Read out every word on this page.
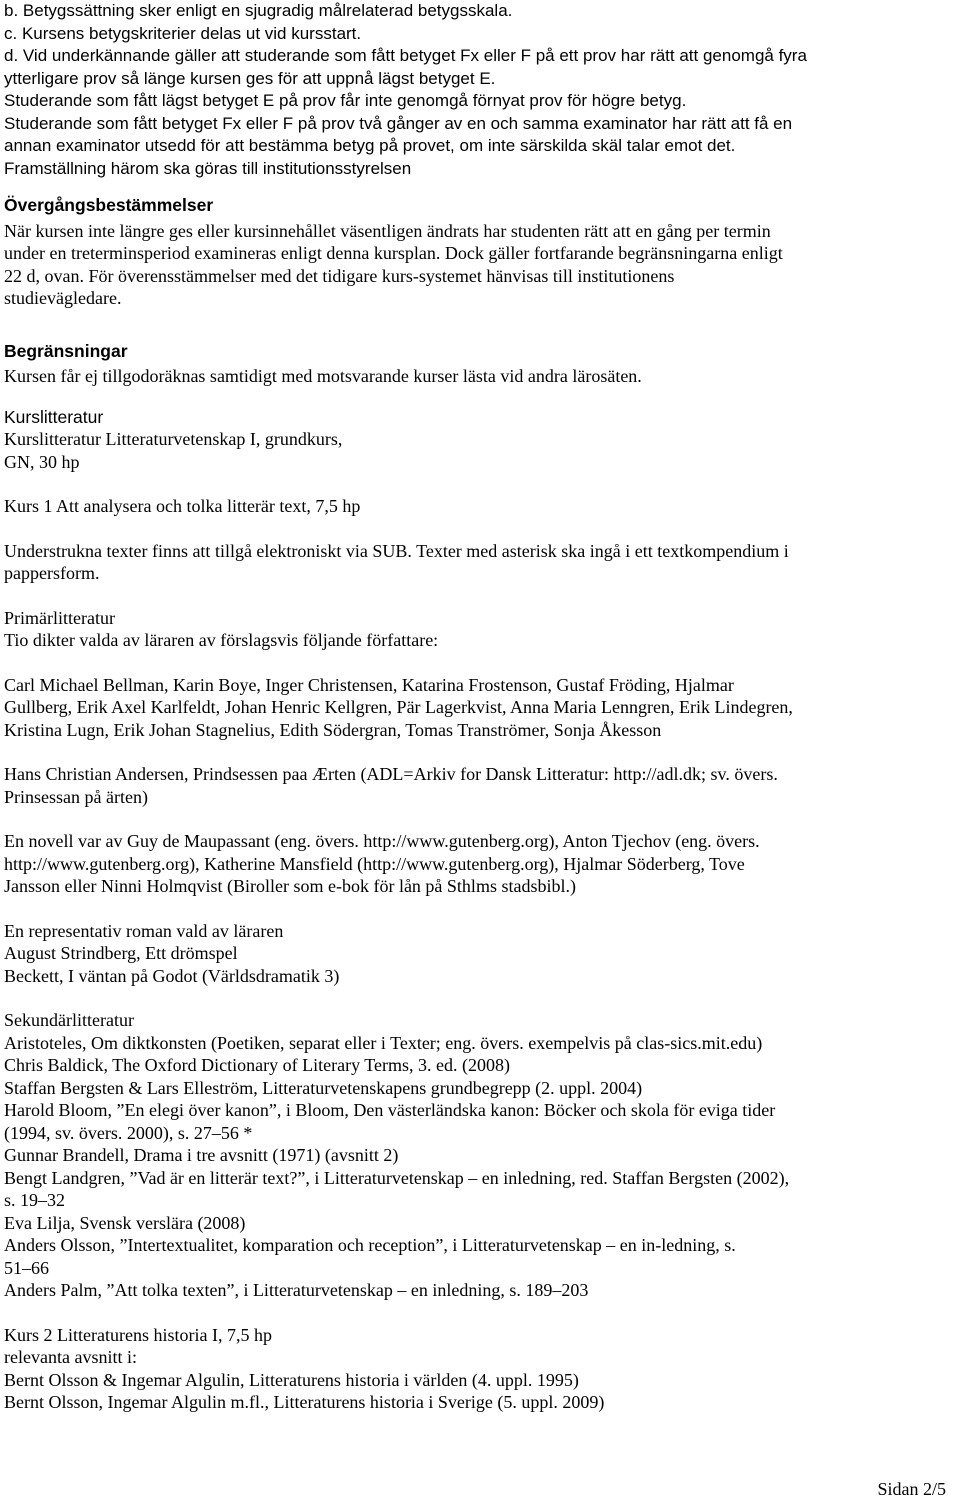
b. Betygssättning sker enligt en sjugradig målrelaterad betygsskala.
c. Kursens betygskriterier delas ut vid kursstart.
d. Vid underkännande gäller att studerande som fått betyget Fx eller F på ett prov har rätt att genomgå fyra
ytterligare prov så länge kursen ges för att uppnå lägst betyget E.
Studerande som fått lägst betyget E på prov får inte genomgå förnyat prov för högre betyg.
Studerande som fått betyget Fx eller F på prov två gånger av en och samma examinator har rätt att få en
annan examinator utsedd för att bestämma betyg på provet, om inte särskilda skäl talar emot det.
Framställning härom ska göras till institutionsstyrelsen
Övergångsbestämmelser
När kursen inte längre ges eller kursinnehållet väsentligen ändrats har studenten rätt att en gång per termin
under en treterminsperiod examineras enligt denna kursplan. Dock gäller fortfarande begränsningarna enligt
22 d, ovan. För överensstämmelser med det tidigare kurs-systemet hänvisas till institutionens
studievägledare.
Begränsningar
Kursen får ej tillgodoräknas samtidigt med motsvarande kurser lästa vid andra lärosäten.
Kurslitteratur
Kurslitteratur Litteraturvetenskap I, grundkurs,
GN, 30 hp
Kurs 1 Att analysera och tolka litterär text, 7,5 hp
Understrukna texter finns att tillgå elektroniskt via SUB. Texter med asterisk ska ingå i ett textkompendium i
pappersform.
Primärlitteratur
Tio dikter valda av läraren av förslagsvis följande författare:
Carl Michael Bellman, Karin Boye, Inger Christensen, Katarina Frostenson, Gustaf Fröding, Hjalmar
Gullberg, Erik Axel Karlfeldt, Johan Henric Kellgren, Pär Lagerkvist, Anna Maria Lenngren, Erik Lindegren,
Kristina Lugn, Erik Johan Stagnelius, Edith Södergran, Tomas Tranströmer, Sonja Åkesson
Hans Christian Andersen, Prindsessen paa Ærten (ADL=Arkiv for Dansk Litteratur: http://adl.dk; sv. övers.
Prinsessan på ärten)
En novell var av Guy de Maupassant (eng. övers. http://www.gutenberg.org), Anton Tjechov (eng. övers.
http://www.gutenberg.org), Katherine Mansfield (http://www.gutenberg.org), Hjalmar Söderberg, Tove
Jansson eller Ninni Holmqvist (Biroller som e-bok för lån på Sthlms stadsbibl.)
En representativ roman vald av läraren
August Strindberg, Ett drömspel
Beckett, I väntan på Godot (Världsdramatik 3)
Sekundärlitteratur
Aristoteles, Om diktkonsten (Poetiken, separat eller i Texter; eng. övers. exempelvis på clas-sics.mit.edu)
Chris Baldick, The Oxford Dictionary of Literary Terms, 3. ed. (2008)
Staffan Bergsten & Lars Elleström, Litteraturvetenskapens grundbegrepp (2. uppl. 2004)
Harold Bloom, ”En elegi över kanon”, i Bloom, Den västerländska kanon: Böcker och skola för eviga tider
(1994, sv. övers. 2000), s. 27–56 *
Gunnar Brandell, Drama i tre avsnitt (1971) (avsnitt 2)
Bengt Landgren, ”Vad är en litterär text?”, i Litteraturvetenskap – en inledning, red. Staffan Bergsten (2002),
s. 19–32
Eva Lilja, Svensk verslära (2008)
Anders Olsson, ”Intertextualitet, komparation och reception”, i Litteraturvetenskap – en in-ledning, s.
51–66
Anders Palm, ”Att tolka texten”, i Litteraturvetenskap – en inledning, s. 189–203
Kurs 2 Litteraturens historia I, 7,5 hp
relevanta avsnitt i:
Bernt Olsson & Ingemar Algulin, Litteraturens historia i världen (4. uppl. 1995)
Bernt Olsson, Ingemar Algulin m.fl., Litteraturens historia i Sverige (5. uppl. 2009)
Sidan 2/5
